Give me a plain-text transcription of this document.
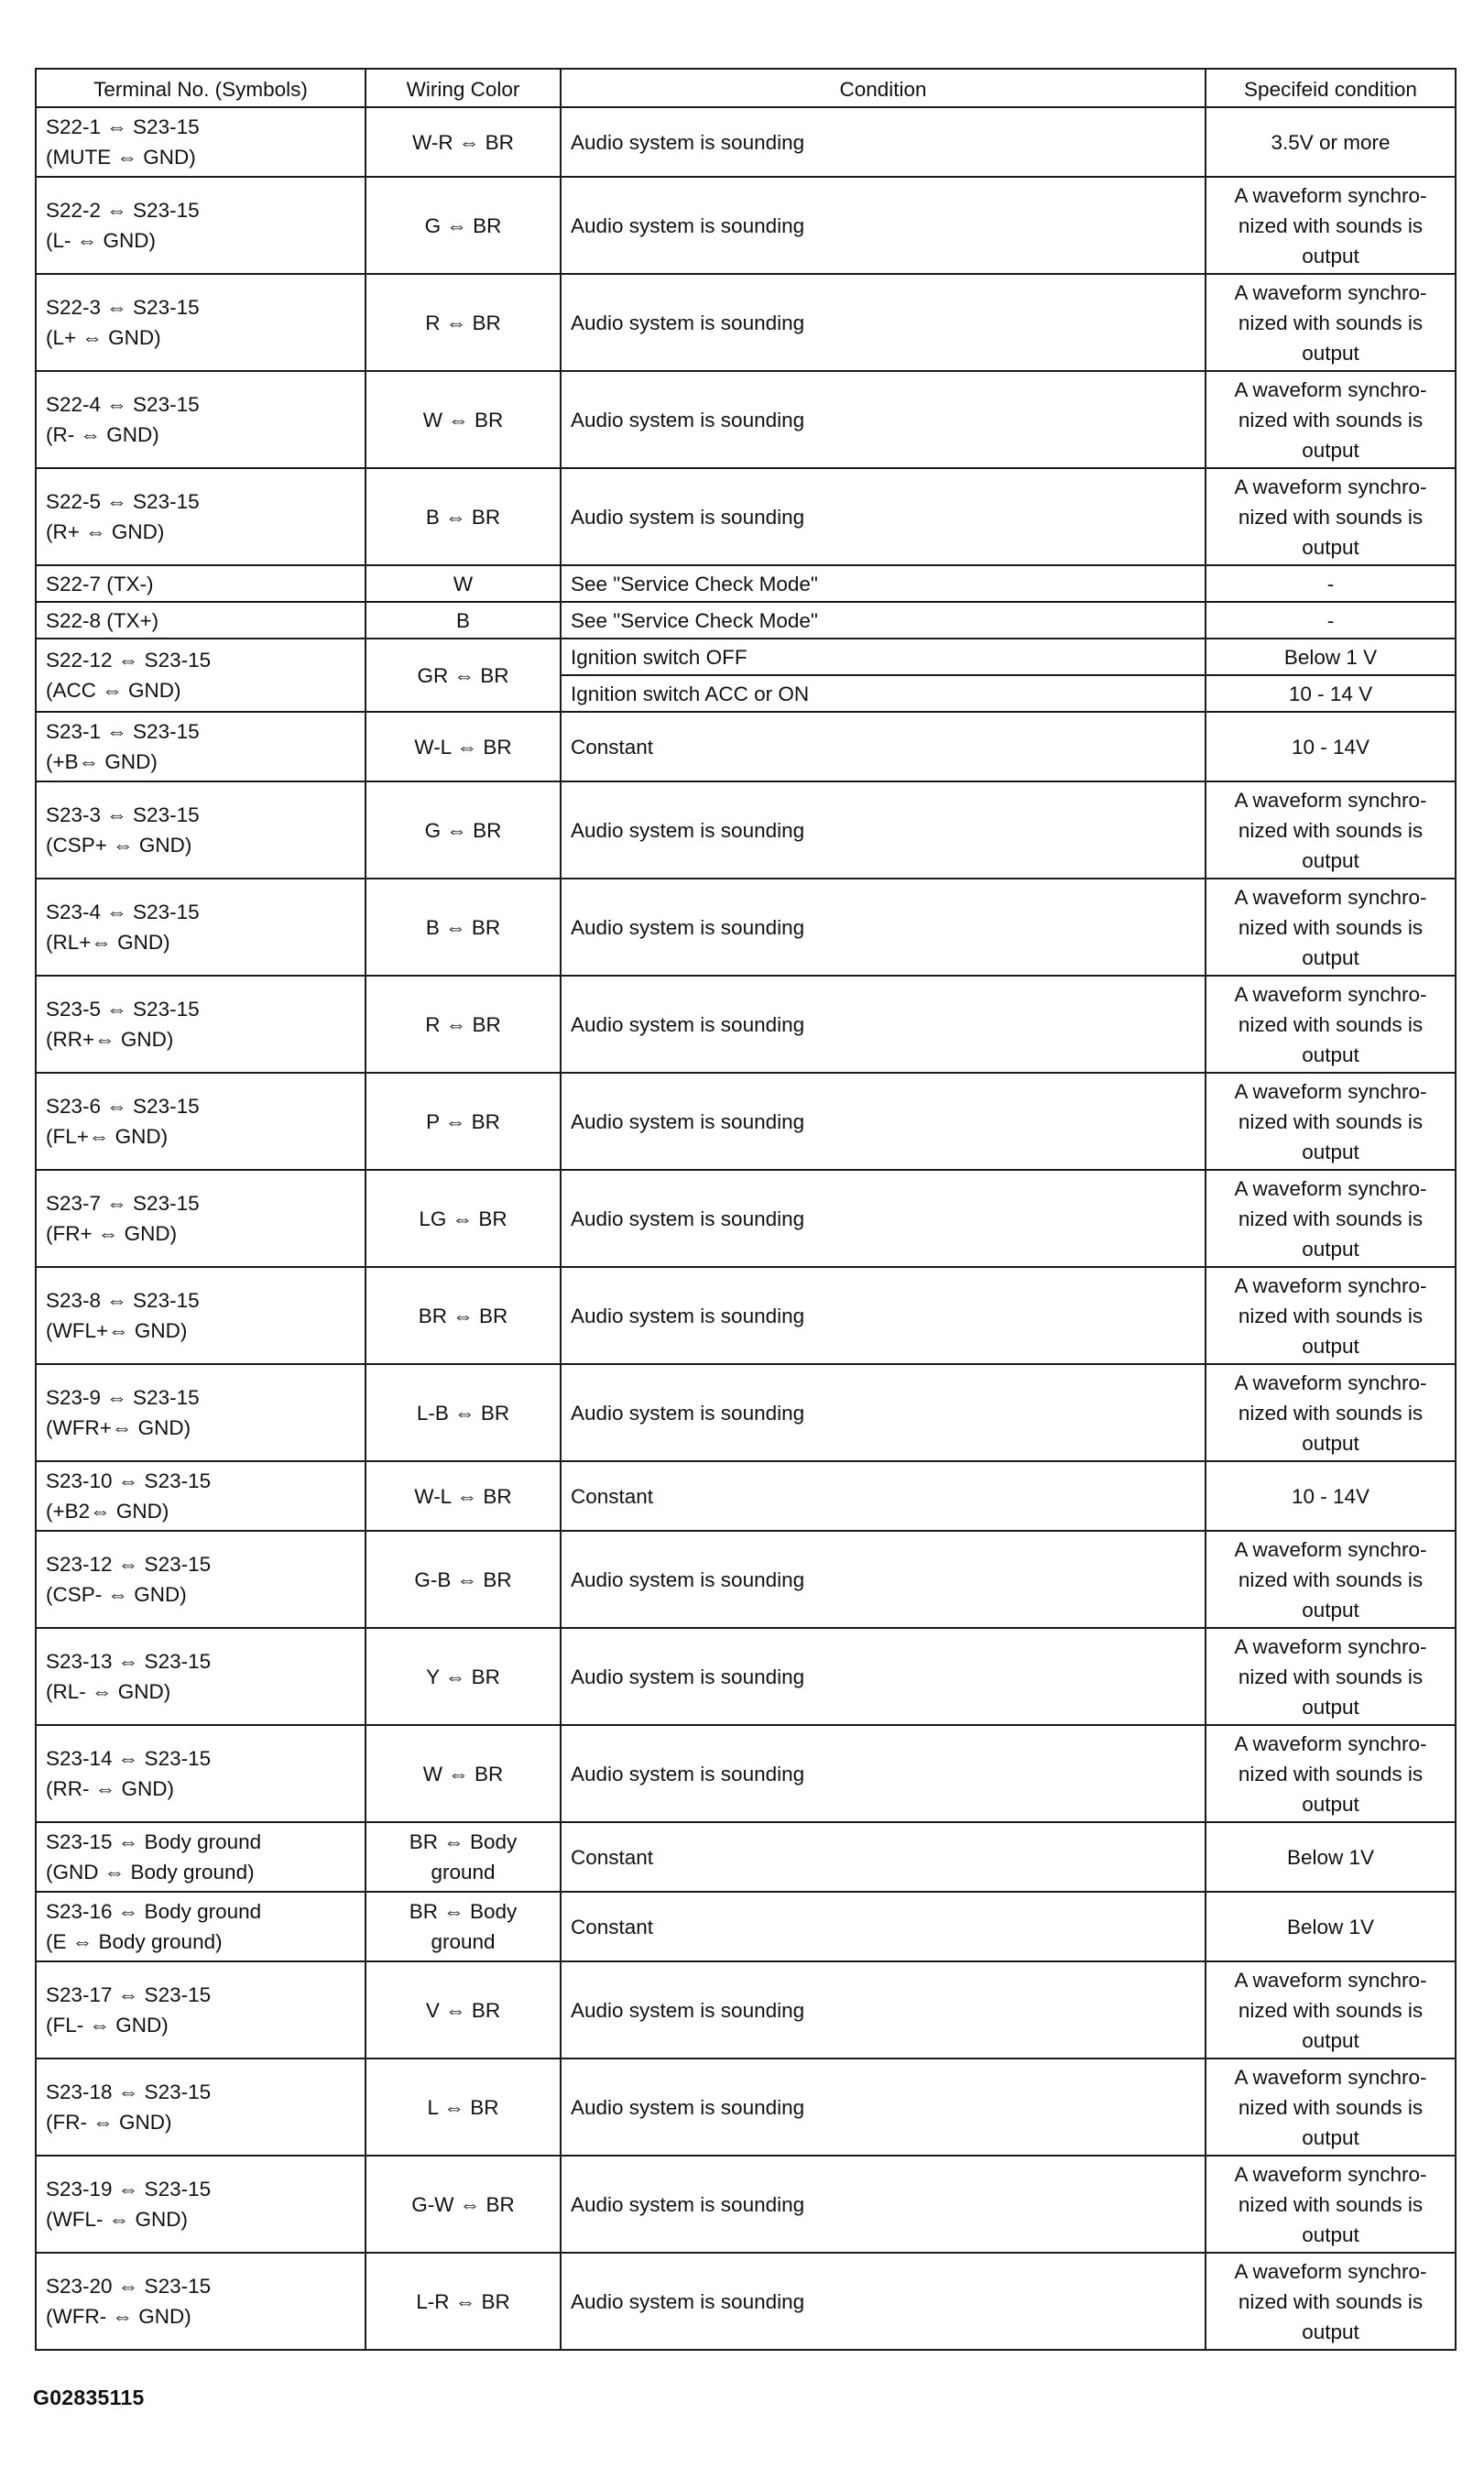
Terminal No. (Symbols)	Wiring Color	Condition	Specifeid condition
S22-1 ⇔ S23-15
(MUTE ⇔ GND)	W-R ⇔ BR	Audio system is sounding	3.5V or more
S22-2 ⇔ S23-15
(L- ⇔ GND)	G ⇔ BR	Audio system is sounding	A waveform synchro-
nized with sounds is
output
S22-3 ⇔ S23-15
(L+ ⇔ GND)	R ⇔ BR	Audio system is sounding	A waveform synchro-
nized with sounds is
output
S22-4 ⇔ S23-15
(R- ⇔ GND)	W ⇔ BR	Audio system is sounding	A waveform synchro-
nized with sounds is
output
S22-5 ⇔ S23-15
(R+ ⇔ GND)	B ⇔ BR	Audio system is sounding	A waveform synchro-
nized with sounds is
output
S22-7 (TX-)	W	See "Service Check Mode"	-
S22-8 (TX+)	B	See "Service Check Mode"	-
S22-12 ⇔ S23-15
(ACC ⇔ GND)	GR ⇔ BR	Ignition switch OFF	Below 1 V
		Ignition switch ACC or ON	10 - 14 V
S23-1 ⇔ S23-15
(+B⇔ GND)	W-L ⇔ BR	Constant	10 - 14V
S23-3 ⇔ S23-15
(CSP+ ⇔ GND)	G ⇔ BR	Audio system is sounding	A waveform synchro-
nized with sounds is
output
S23-4 ⇔ S23-15
(RL+⇔ GND)	B ⇔ BR	Audio system is sounding	A waveform synchro-
nized with sounds is
output
S23-5 ⇔ S23-15
(RR+⇔ GND)	R ⇔ BR	Audio system is sounding	A waveform synchro-
nized with sounds is
output
S23-6 ⇔ S23-15
(FL+⇔ GND)	P ⇔ BR	Audio system is sounding	A waveform synchro-
nized with sounds is
output
S23-7 ⇔ S23-15
(FR+ ⇔ GND)	LG ⇔ BR	Audio system is sounding	A waveform synchro-
nized with sounds is
output
S23-8 ⇔ S23-15
(WFL+⇔ GND)	BR ⇔ BR	Audio system is sounding	A waveform synchro-
nized with sounds is
output
S23-9 ⇔ S23-15
(WFR+⇔ GND)	L-B ⇔ BR	Audio system is sounding	A waveform synchro-
nized with sounds is
output
S23-10 ⇔ S23-15
(+B2⇔ GND)	W-L ⇔ BR	Constant	10 - 14V
S23-12 ⇔ S23-15
(CSP- ⇔ GND)	G-B ⇔ BR	Audio system is sounding	A waveform synchro-
nized with sounds is
output
S23-13 ⇔ S23-15
(RL- ⇔ GND)	Y ⇔ BR	Audio system is sounding	A waveform synchro-
nized with sounds is
output
S23-14 ⇔ S23-15
(RR- ⇔ GND)	W ⇔ BR	Audio system is sounding	A waveform synchro-
nized with sounds is
output
S23-15 ⇔ Body ground
(GND ⇔ Body ground)	BR ⇔ Body
ground	Constant	Below 1V
S23-16 ⇔ Body ground
(E ⇔ Body ground)	BR ⇔ Body
ground	Constant	Below 1V
S23-17 ⇔ S23-15
(FL- ⇔ GND)	V ⇔ BR	Audio system is sounding	A waveform synchro-
nized with sounds is
output
S23-18 ⇔ S23-15
(FR- ⇔ GND)	L ⇔ BR	Audio system is sounding	A waveform synchro-
nized with sounds is
output
S23-19 ⇔ S23-15
(WFL- ⇔ GND)	G-W ⇔ BR	Audio system is sounding	A waveform synchro-
nized with sounds is
output
S23-20 ⇔ S23-15
(WFR- ⇔ GND)	L-R ⇔ BR	Audio system is sounding	A waveform synchro-
nized with sounds is
output
G02835115
